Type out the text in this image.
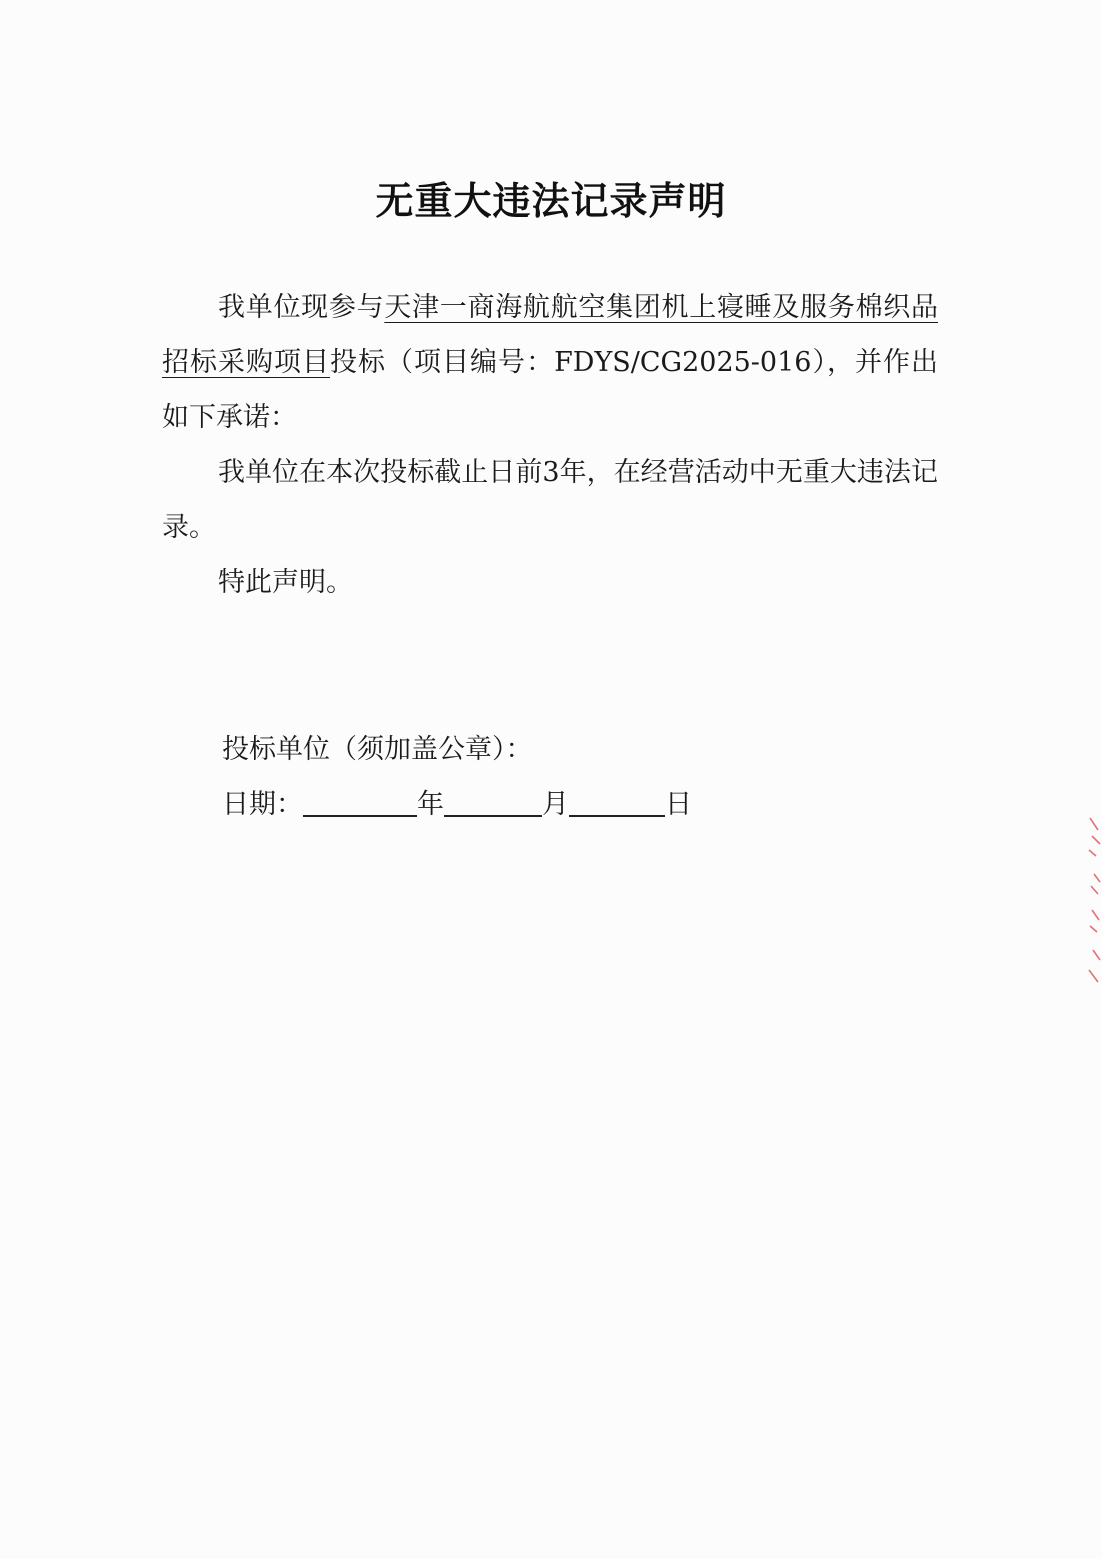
无重大违法记录声明

我单位现参与天津一商海航航空集团机上寝睡及服务棉织品招标采购项目投标（项目编号：FDYS/CG2025-016），并作出如下承诺：

我单位在本次投标截止日前3年，在经营活动中无重大违法记录。

特此声明。

投标单位（须加盖公章）：
日期：	年	月	日
